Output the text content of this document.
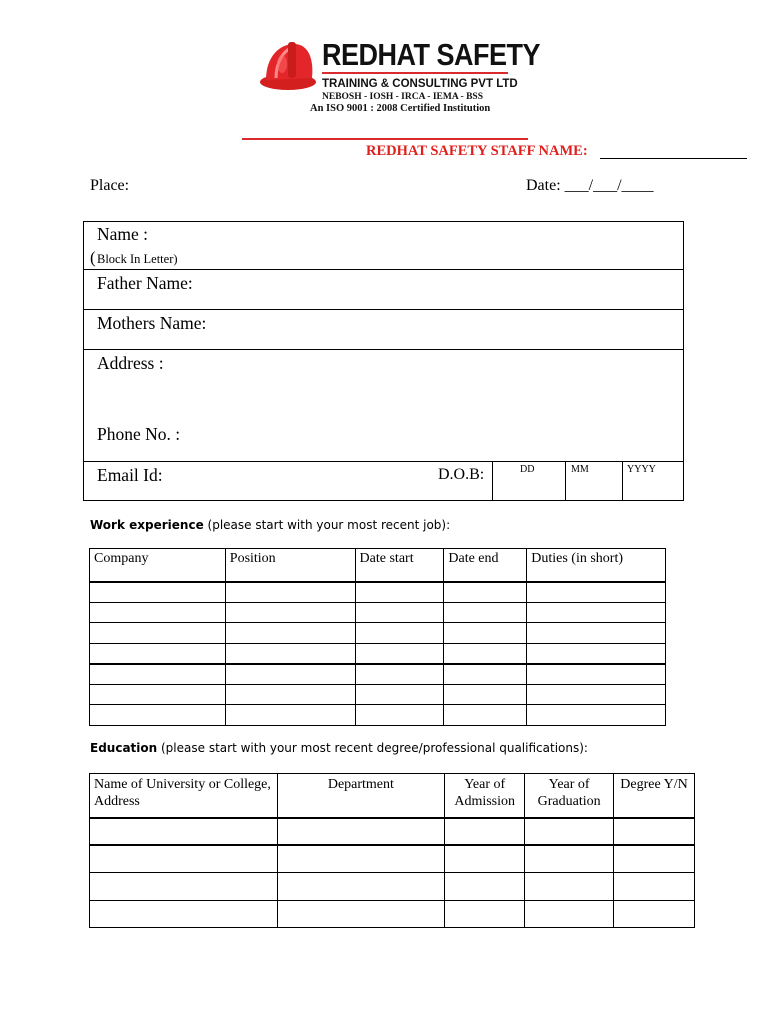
REDHAT SAFETY
TRAINING & CONSULTING PVT LTD
NEBOSH - IOSH - IRCA - IEMA - BSS
An ISO 9001 : 2008 Certified Institution
REDHAT SAFETY STAFF NAME:
Place:	Date: ___/___/____
Name :
( Block In Letter)
Father Name:
Mothers Name:
Address :
Phone No. :
Email Id:	D.O.B:	DD	MM	YYYY
Work experience (please start with your most recent job):
Company	Position	Date start	Date end	Duties (in short)

Education (please start with your most recent degree/professional qualifications):
Name of University or College, Address	Department	Year of Admission	Year of Graduation	Degree Y/N
